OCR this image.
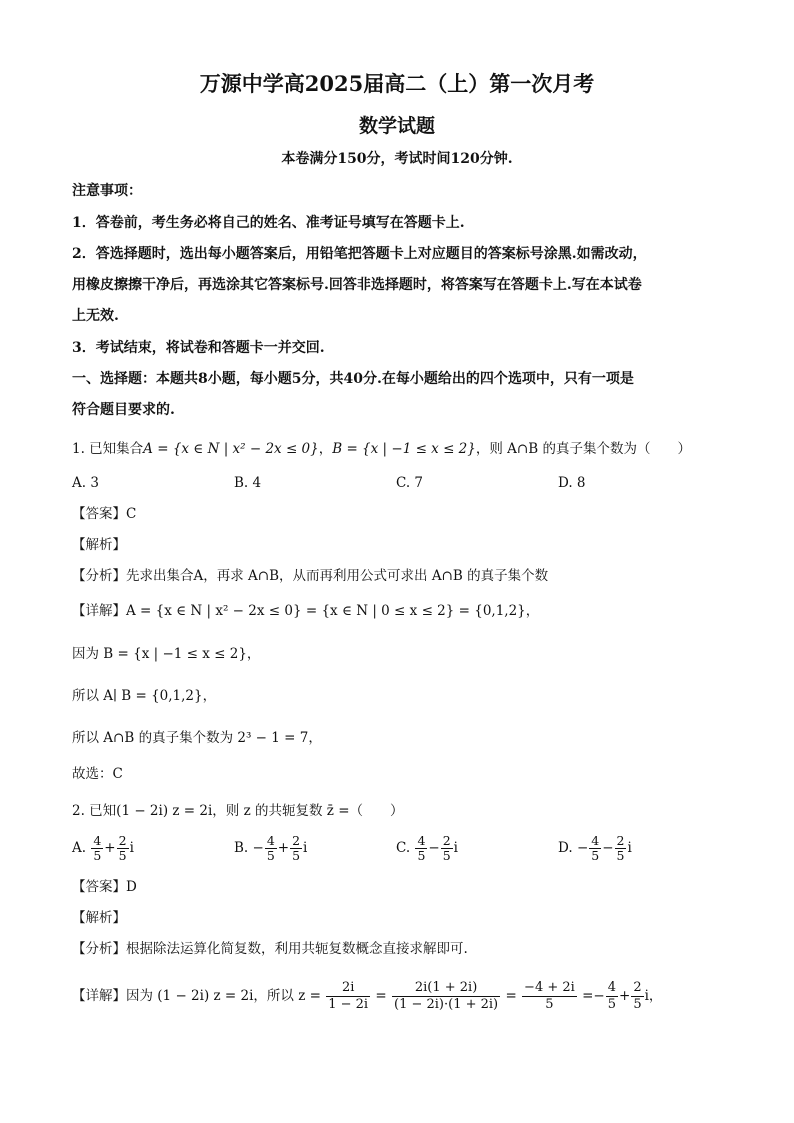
万源中学高2025届高二（上）第一次月考
数学试题
本卷满分150分，考试时间120分钟.
注意事项：
1．答卷前，考生务必将自己的姓名、准考证号填写在答题卡上.
2．答选择题时，选出每小题答案后，用铅笔把答题卡上对应题目的答案标号涂黑.如需改动，
用橡皮擦擦干净后，再选涂其它答案标号.回答非选择题时，将答案写在答题卡上.写在本试卷
上无效.
3．考试结束，将试卷和答题卡一并交回.
一、选择题：本题共8小题，每小题5分，共40分.在每小题给出的四个选项中，只有一项是
符合题目要求的.
1. 已知集合A = {x ∈ N | x² − 2x ≤ 0}，B = {x | −1 ≤ x ≤ 2}，则 A∩B 的真子集个数为（　　）
A. 3	B. 4	C. 7	D. 8
【答案】C
【解析】
【分析】先求出集合A，再求 A∩B，从而再利用公式可求出 A∩B 的真子集个数
【详解】A = {x ∈ N | x² − 2x ≤ 0} = {x ∈ N | 0 ≤ x ≤ 2} = {0,1,2}，
因为 B = {x | −1 ≤ x ≤ 2}，
所以 A∣ B = {0,1,2}，
所以 A∩B 的真子集个数为 2³ − 1 = 7，
故选：C
2. 已知(1 − 2i) z = 2i，则 z 的共轭复数 z̄ =（　　）
A. $\frac{4}{5} + \frac{2}{5}$ i	B. − $\frac{4}{5} + \frac{2}{5}$ i	C. $\frac{4}{5} - \frac{2}{5}$ i	D. − $\frac{4}{5} - \frac{2}{5}$ i
【答案】D
【解析】
【分析】根据除法运算化简复数，利用共轭复数概念直接求解即可.
【详解】因为 (1 − 2i) z = 2i，所以 $z = \frac{2i}{1 - 2i} = \frac{2i(1 + 2i)}{(1 - 2i)\cdot(1 + 2i)} = \frac{-4 + 2i}{5} =- \frac{4}{5} + \frac{2}{5}$ i，
